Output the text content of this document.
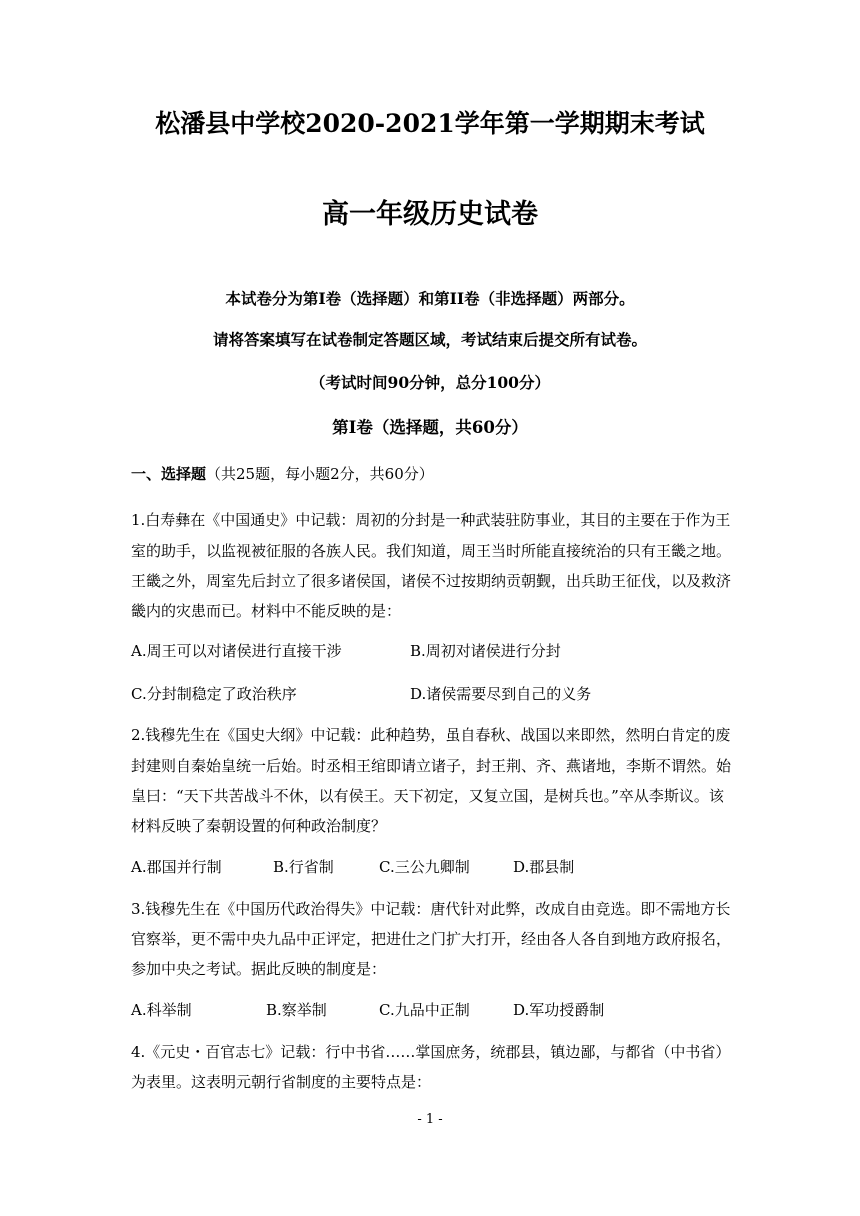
松潘县中学校2020-2021学年第一学期期末考试
高一年级历史试卷
本试卷分为第I卷（选择题）和第II卷（非选择题）两部分。
请将答案填写在试卷制定答题区域，考试结束后提交所有试卷。
（考试时间90分钟，总分100分）
第I卷（选择题，共60分）
一、选择题（共25题，每小题2分，共60分）
1.白寿彝在《中国通史》中记载：周初的分封是一种武装驻防事业，其目的主要在于作为王
室的助手，以监视被征服的各族人民。我们知道，周王当时所能直接统治的只有王畿之地。
王畿之外，周室先后封立了很多诸侯国，诸侯不过按期纳贡朝觐，出兵助王征伐，以及救济
畿内的灾患而已。材料中不能反映的是：
A.周王可以对诸侯进行直接干涉	B.周初对诸侯进行分封
C.分封制稳定了政治秩序	D.诸侯需要尽到自己的义务
2.钱穆先生在《国史大纲》中记载：此种趋势，虽自春秋、战国以来即然，然明白肯定的废
封建则自秦始皇统一后始。时丞相王绾即请立诸子，封王荆、齐、燕诸地，李斯不谓然。始
皇曰：“天下共苦战斗不休，以有侯王。天下初定，又复立国，是树兵也。”卒从李斯议。该
材料反映了秦朝设置的何种政治制度？
A.郡国并行制	B.行省制	C.三公九卿制	D.郡县制
3.钱穆先生在《中国历代政治得失》中记载：唐代针对此弊，改成自由竞选。即不需地方长
官察举，更不需中央九品中正评定，把进仕之门扩大打开，经由各人各自到地方政府报名，
参加中央之考试。据此反映的制度是：
A.科举制	B.察举制	C.九品中正制	D.军功授爵制
4.《元史・百官志七》记载：行中书省……掌国庶务，统郡县，镇边鄙，与都省（中书省）
为表里。这表明元朝行省制度的主要特点是：
- 1 -
